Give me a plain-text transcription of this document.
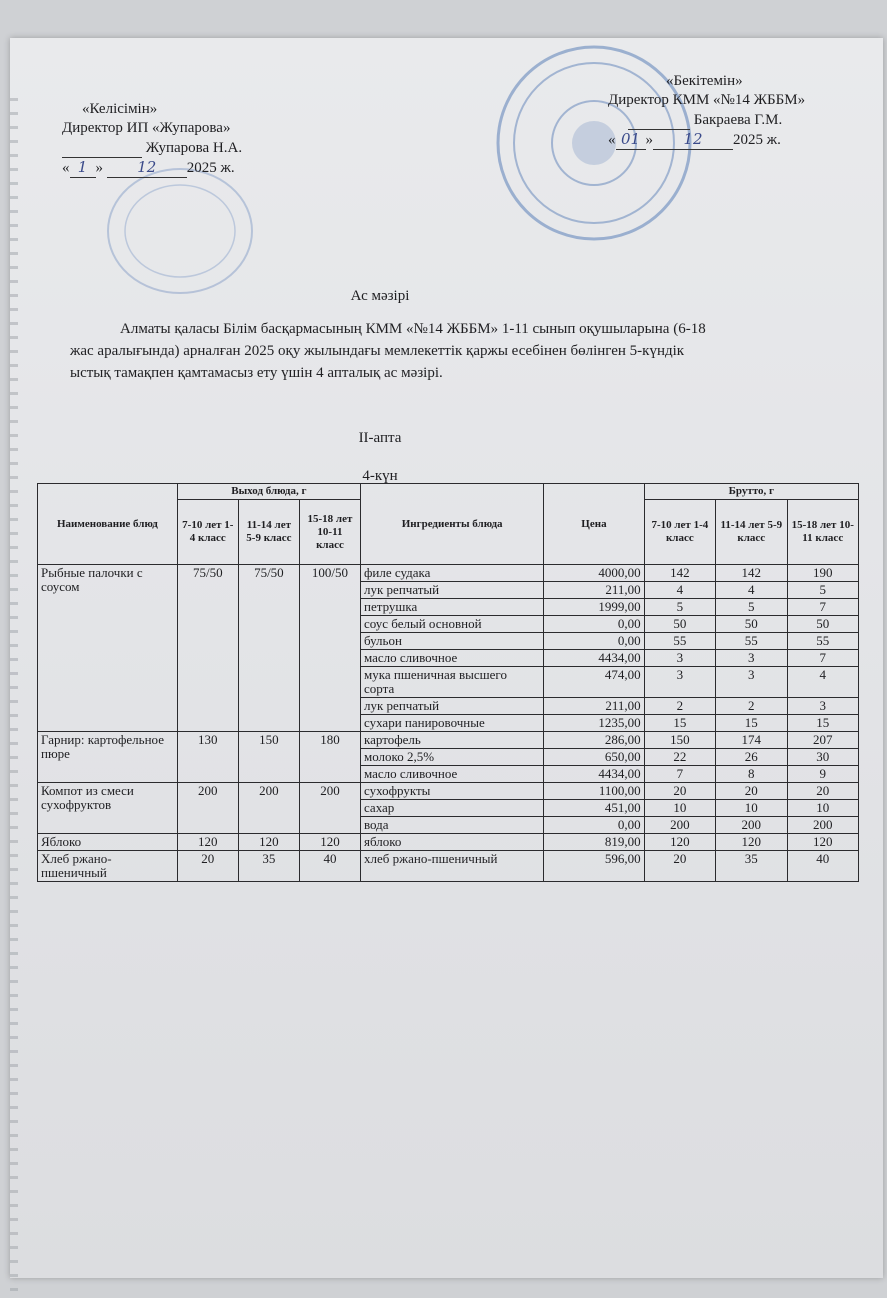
«Келісімін»
Директор ИП «Жупарова»
Жупарова Н.А.
« 1 » 12 2025 ж.
«Бекітемін»
Директор КММ «№14 ЖББМ»
Бакраева Г.М.
« 01 » 12 2025 ж.
Ас мәзірі
Алматы қаласы Білім басқармасының КММ «№14 ЖББМ» 1-11 сынып оқушыларына (6-18 жас аралығында) арналған 2025 оқу жылындағы мемлекеттік қаржы есебінен бөлінген 5-күндік ыстық тамақпен қамтамасыз ету үшін 4 апталық ас мәзірі.
II-апта
4-күн
Наименование блюд	Выход блюда, г			Ингредиенты блюда	Цена	Брутто, г		
	7-10 лет 1-4 класс	11-14 лет 5-9 класс	15-18 лет 10-11 класс			7-10 лет 1-4 класс	11-14 лет 5-9 класс	15-18 лет 10-11 класс
Рыбные палочки с соусом	75/50	75/50	100/50	филе судака	4000,00	142	142	190
				лук репчатый	211,00	4	4	5
				петрушка	1999,00	5	5	7
				соус белый основной	0,00	50	50	50
				бульон	0,00	55	55	55
				масло сливочное	4434,00	3	3	7
				мука пшеничная высшего сорта	474,00	3	3	4
				лук репчатый	211,00	2	2	3
				сухари панировочные	1235,00	15	15	15
Гарнир: картофельное пюре	130	150	180	картофель	286,00	150	174	207
				молоко 2,5%	650,00	22	26	30
				масло сливочное	4434,00	7	8	9
Компот из смеси сухофруктов	200	200	200	сухофрукты	1100,00	20	20	20
				сахар	451,00	10	10	10
				вода	0,00	200	200	200
Яблоко	120	120	120	яблоко	819,00	120	120	120
Хлеб ржано-пшеничный	20	35	40	хлеб ржано-пшеничный	596,00	20	35	40
